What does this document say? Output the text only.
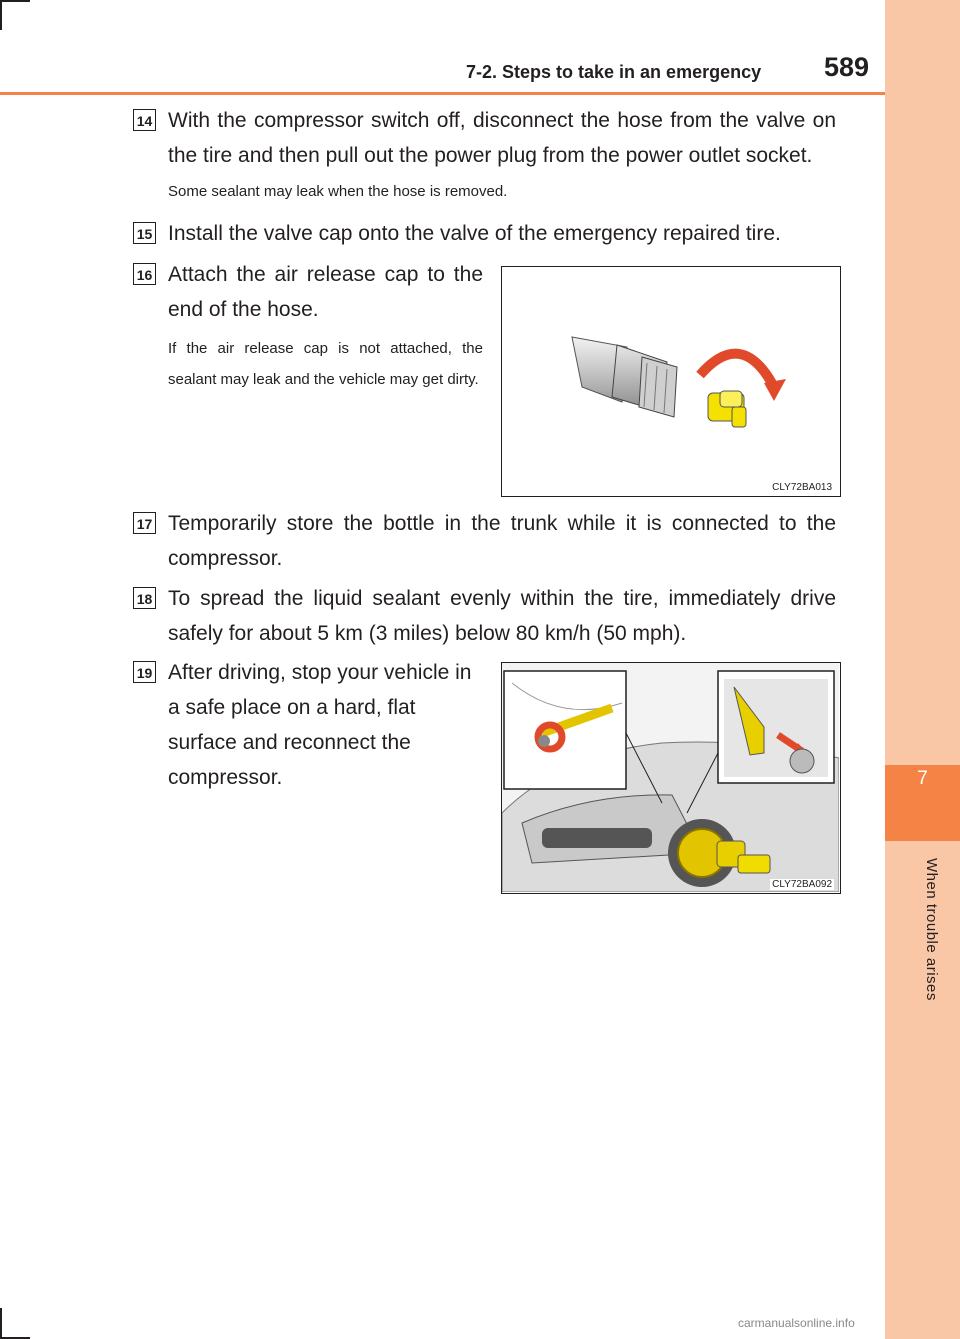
7
When trouble arises
7-2. Steps to take in an emergency 589
14 With the compressor switch off, disconnect the hose from the valve on the tire and then pull out the power plug from the power outlet socket.
Some sealant may leak when the hose is removed.
15 Install the valve cap onto the valve of the emergency repaired tire.
16 Attach the air release cap to the end of the hose.
If the air release cap is not attached, the sealant may leak and the vehicle may get dirty.
CLY72BA013
17 Temporarily store the bottle in the trunk while it is connected to the compressor.
18 To spread the liquid sealant evenly within the tire, immediately drive safely for about 5 km (3 miles) below 80 km/h (50 mph).
19 After driving, stop your vehicle in a safe place on a hard, flat surface and reconnect the compressor.
CLY72BA092
carmanualsonline.info
